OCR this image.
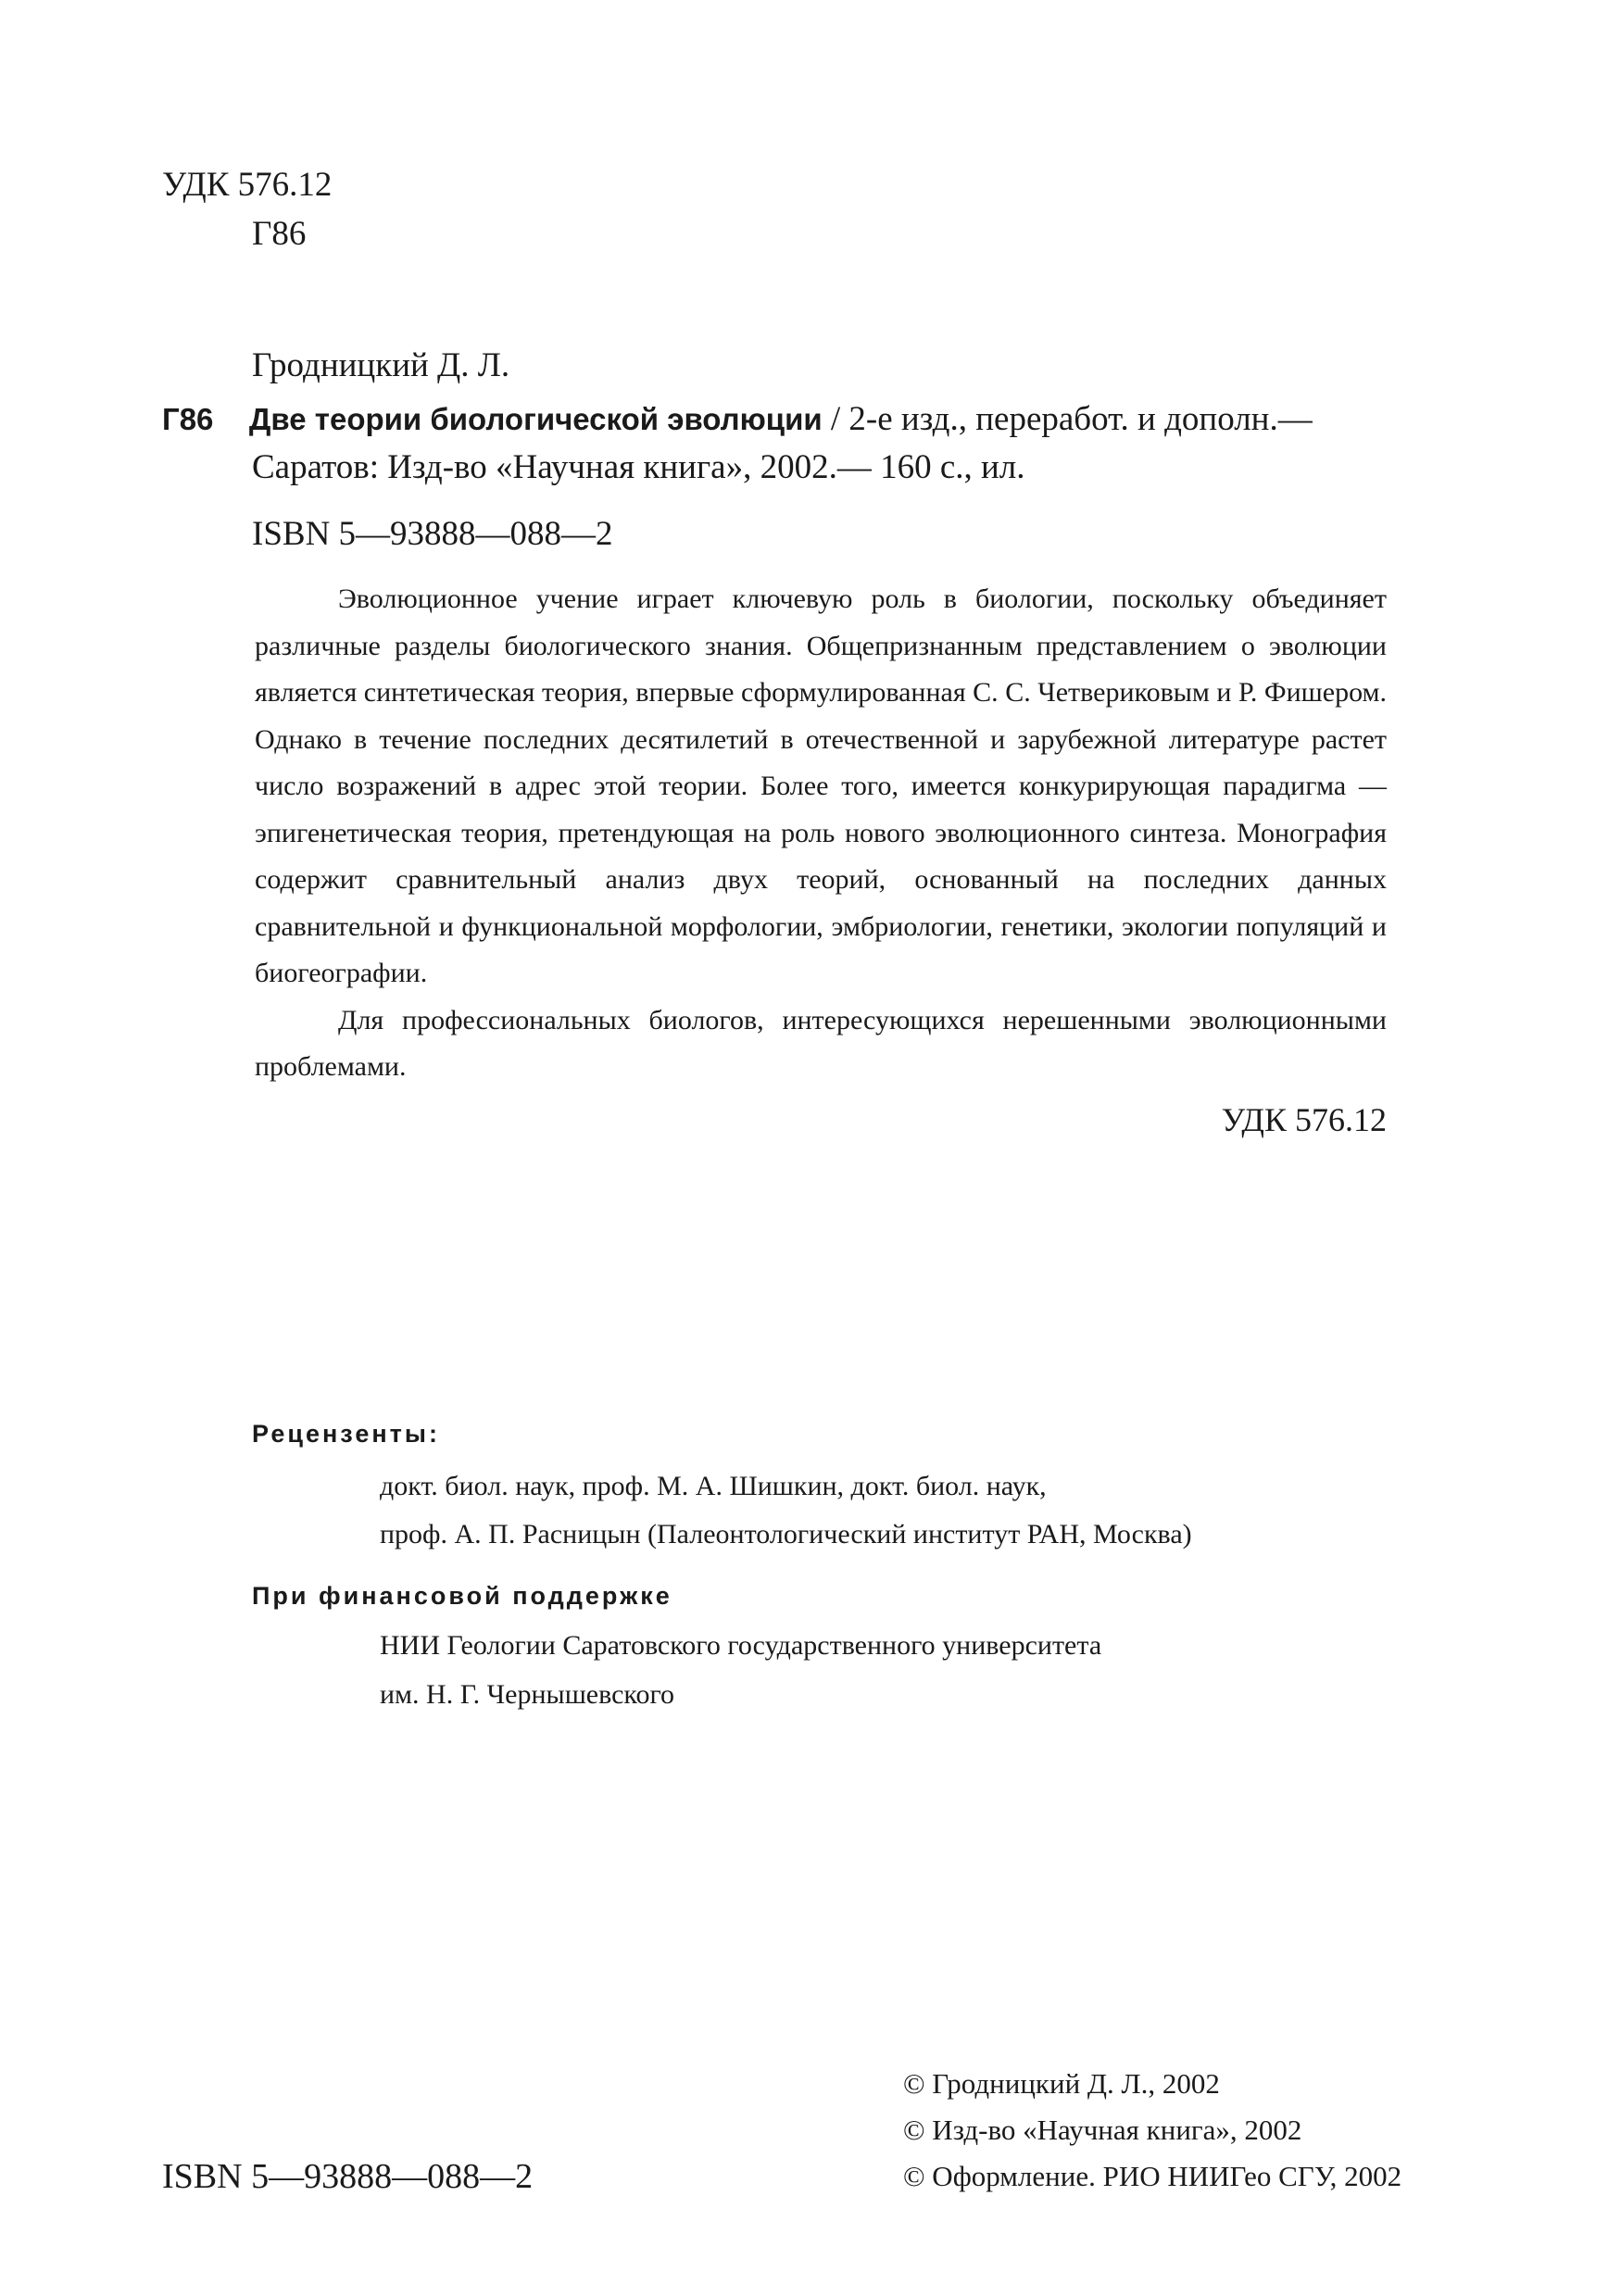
УДК 576.12
Г86
Гродницкий Д. Л.
Г86 Две теории биологической эволюции / 2-е изд., переработ. и дополн.—
Саратов: Изд-во «Научная книга», 2002.— 160 с., ил.
ISBN 5—93888—088—2

Эволюционное учение играет ключевую роль в биологии, поскольку объединяет различные разделы биологического знания. Общепризнанным представлением о эволюции является синтетическая теория, впервые сформулированная С. С. Четвериковым и Р. Фишером. Однако в течение последних десятилетий в отечественной и зарубежной литературе растет число возражений в адрес этой теории. Более того, имеется конкурирующая парадигма — эпигенетическая теория, претендующая на роль нового эволюционного синтеза. Монография содержит сравнительный анализ двух теорий, основанный на последних данных сравнительной и функциональной морфологии, эмбриологии, генетики, экологии популяций и биогеографии.

Для профессиональных биологов, интересующихся нерешенными эволюционными проблемами.

УДК 576.12

Рецензенты:
докт. биол. наук, проф. М. А. Шишкин, докт. биол. наук,
проф. А. П. Расницын (Палеонтологический институт РАН, Москва)
При финансовой поддержке
НИИ Геологии Саратовского государственного университета
им. Н. Г. Чернышевского
ISBN 5—93888—088—2
© Гродницкий Д. Л., 2002
© Изд-во «Научная книга», 2002
© Оформление. РИО НИИГео СГУ, 2002
